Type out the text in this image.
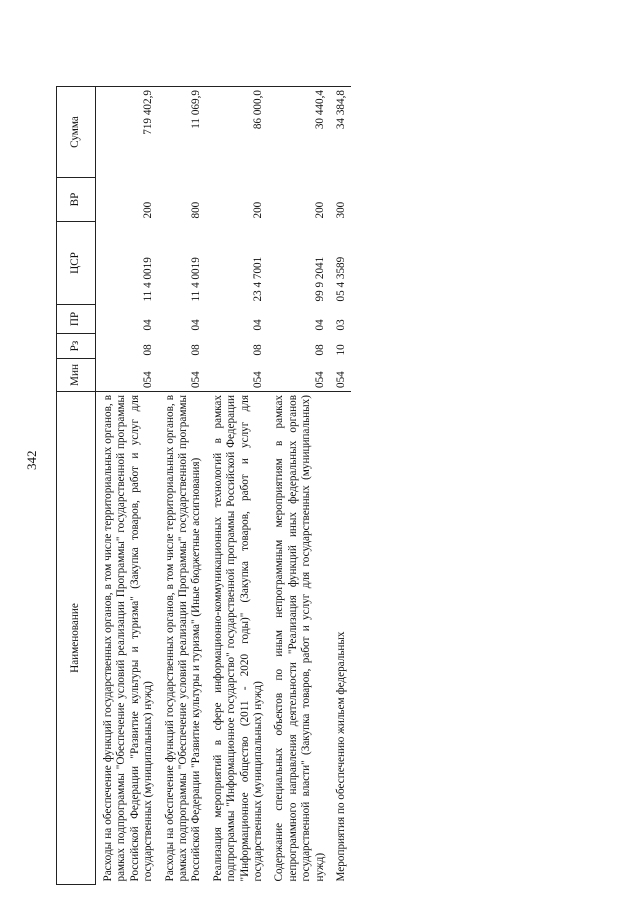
342
Наименование	Мин	Рз	ПР	ЦСР	ВР	Сумма
Расходы на обеспечение функций государственных органов, в том числе территориальных органов, в рамках подпрограммы "Обеспечение условий реализации Программы" государственной программы Российской Федерации "Развитие культуры и туризма" (Закупка товаров, работ и услуг для государственных (муниципальных) нужд)	054	08	04	11 4 0019	200	719 402,9
Расходы на обеспечение функций государственных органов, в том числе территориальных органов, в рамках подпрограммы "Обеспечение условий реализации Программы" государственной программы Российской Федерации "Развитие культуры и туризма" (Иные бюджетные ассигнования)	054	08	04	11 4 0019	800	11 069,9
Реализация мероприятий в сфере информационно-коммуникационных технологий в рамках подпрограммы "Информационное государство" государственной программы Российской Федерации "Информационное общество (2011 - 2020 годы)" (Закупка товаров, работ и услуг для государственных (муниципальных) нужд)	054	08	04	23 4 7001	200	86 000,0
Содержание специальных объектов по иным непрограммным мероприятиям в рамках непрограммного направления деятельности "Реализация функций иных федеральных органов государственной власти" (Закупка товаров, работ и услуг для государственных (муниципальных) нужд)	054	08	04	99 9 2041	200	30 440,4
Мероприятия по обеспечению жильем федеральных	054	10	03	05 4 3589	300	34 384,8
